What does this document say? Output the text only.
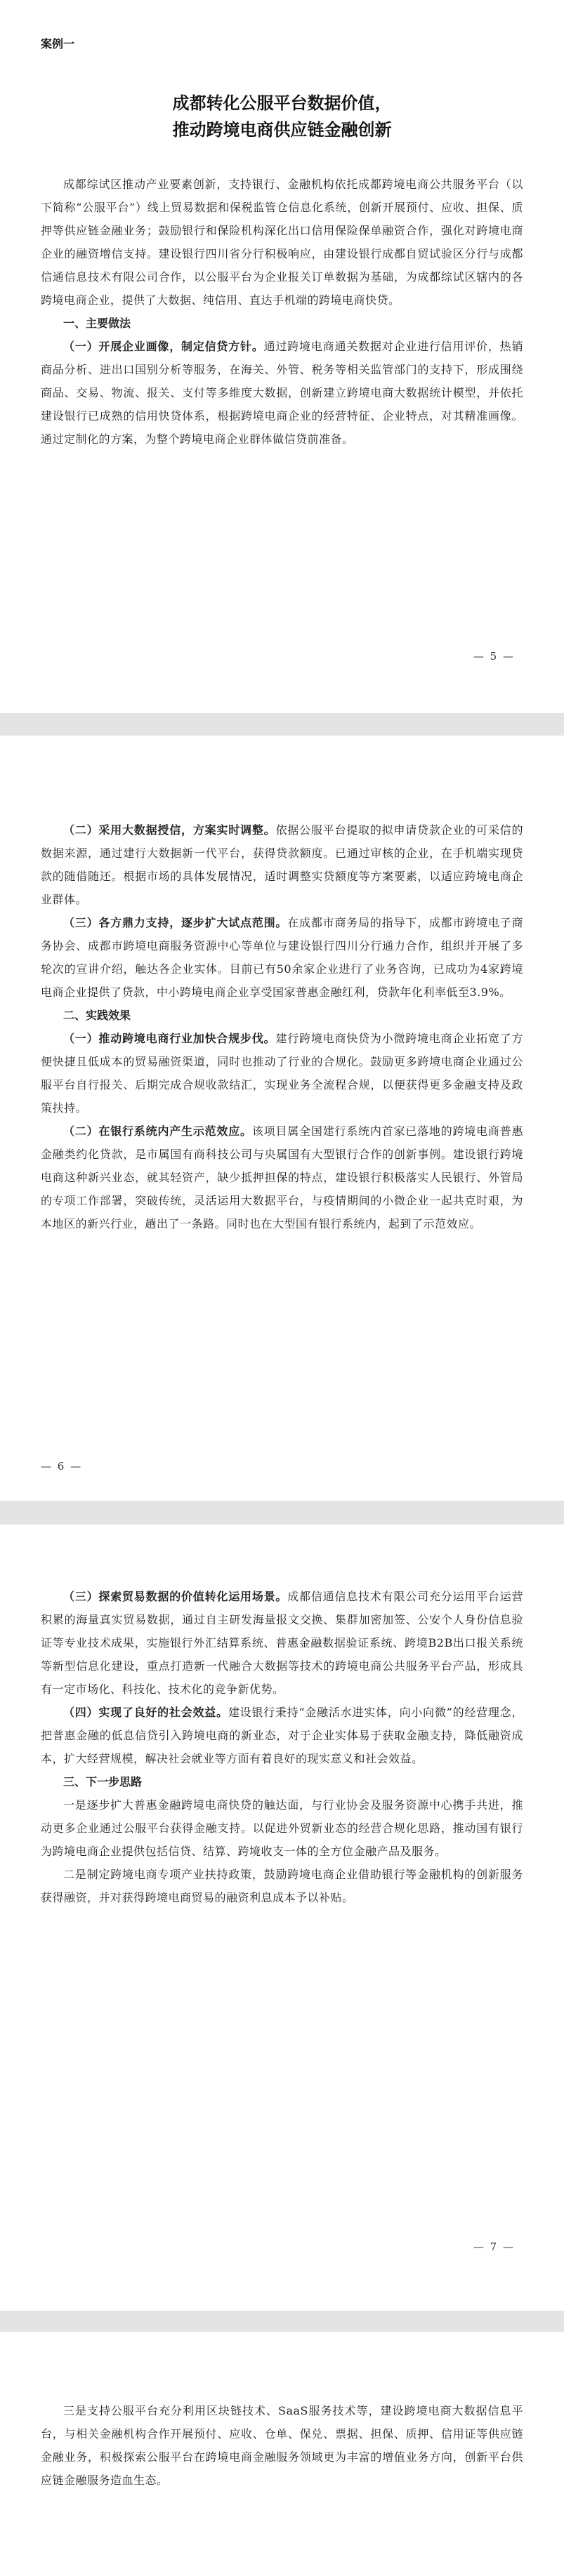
案例一
成都转化公服平台数据价值，
推动跨境电商供应链金融创新

成都综试区推动产业要素创新，支持银行、金融机构依托成都跨境电商公共服务平台（以下简称“公服平台”）线上贸易数据和保税监管仓信息化系统，创新开展预付、应收、担保、质押等供应链金融业务；鼓励银行和保险机构深化出口信用保险保单融资合作，强化对跨境电商企业的融资增信支持。建设银行四川省分行积极响应，由建设银行成都自贸试验区分行与成都信通信息技术有限公司合作，以公服平台为企业报关订单数据为基础，为成都综试区辖内的各跨境电商企业，提供了大数据、纯信用、直达手机端的跨境电商快贷。

一、主要做法

（一）开展企业画像，制定信贷方针。通过跨境电商通关数据对企业进行信用评价，热销商品分析、进出口国别分析等服务，在海关、外管、税务等相关监管部门的支持下，形成围绕商品、交易、物流、报关、支付等多维度大数据，创新建立跨境电商大数据统计模型，并依托建设银行已成熟的信用快贷体系，根据跨境电商企业的经营特征、企业特点，对其精准画像。通过定制化的方案，为整个跨境电商企业群体做信贷前准备。

— 5 —

（二）采用大数据授信，方案实时调整。依据公服平台提取的拟申请贷款企业的可采信的数据来源，通过建行大数据新一代平台，获得贷款额度。已通过审核的企业，在手机端实现贷款的随借随还。根据市场的具体发展情况，适时调整实贷额度等方案要素，以适应跨境电商企业群体。

（三）各方鼎力支持，逐步扩大试点范围。在成都市商务局的指导下，成都市跨境电子商务协会、成都市跨境电商服务资源中心等单位与建设银行四川分行通力合作，组织并开展了多轮次的宣讲介绍，触达各企业实体。目前已有50余家企业进行了业务咨询，已成功为4家跨境电商企业提供了贷款，中小跨境电商企业享受国家普惠金融红利，贷款年化利率低至3.9%。

二、实践效果

（一）推动跨境电商行业加快合规步伐。建行跨境电商快贷为小微跨境电商企业拓宽了方便快捷且低成本的贸易融资渠道，同时也推动了行业的合规化。鼓励更多跨境电商企业通过公服平台自行报关、后期完成合规收款结汇，实现业务全流程合规，以便获得更多金融支持及政策扶持。

（二）在银行系统内产生示范效应。该项目属全国建行系统内首家已落地的跨境电商普惠金融类约化贷款，是市属国有商科技公司与央属国有大型银行合作的创新事例。建设银行跨境电商这种新兴业态，就其轻资产，缺少抵押担保的特点，建设银行积极落实人民银行、外管局的专项工作部署，突破传统，灵活运用大数据平台，与疫情期间的小微企业一起共克时艰，为本地区的新兴行业，趟出了一条路。同时也在大型国有银行系统内，起到了示范效应。

— 6 —

（三）探索贸易数据的价值转化运用场景。成都信通信息技术有限公司充分运用平台运营积累的海量真实贸易数据，通过自主研发海量报文交换、集群加密加签、公安个人身份信息验证等专业技术成果，实施银行外汇结算系统、普惠金融数据验证系统、跨境B2B出口报关系统等新型信息化建设，重点打造新一代融合大数据等技术的跨境电商公共服务平台产品，形成具有一定市场化、科技化、技术化的竞争新优势。

（四）实现了良好的社会效益。建设银行秉持“金融活水进实体，向小向微”的经营理念，把普惠金融的低息信贷引入跨境电商的新业态，对于企业实体易于获取金融支持，降低融资成本，扩大经营规模，解决社会就业等方面有着良好的现实意义和社会效益。

三、下一步思路

一是逐步扩大普惠金融跨境电商快贷的触达面，与行业协会及服务资源中心携手共进，推动更多企业通过公服平台获得金融支持。以促进外贸新业态的经营合规化思路，推动国有银行为跨境电商企业提供包括信贷、结算、跨境收支一体的全方位金融产品及服务。

二是制定跨境电商专项产业扶持政策，鼓励跨境电商企业借助银行等金融机构的创新服务获得融资，并对获得跨境电商贸易的融资利息成本予以补贴。

— 7 —

三是支持公服平台充分利用区块链技术、SaaS服务技术等，建设跨境电商大数据信息平台，与相关金融机构合作开展预付、应收、仓单、保兑、票据、担保、质押、信用证等供应链金融业务，积极探索公服平台在跨境电商金融服务领域更为丰富的增值业务方向，创新平台供应链金融服务造血生态。
